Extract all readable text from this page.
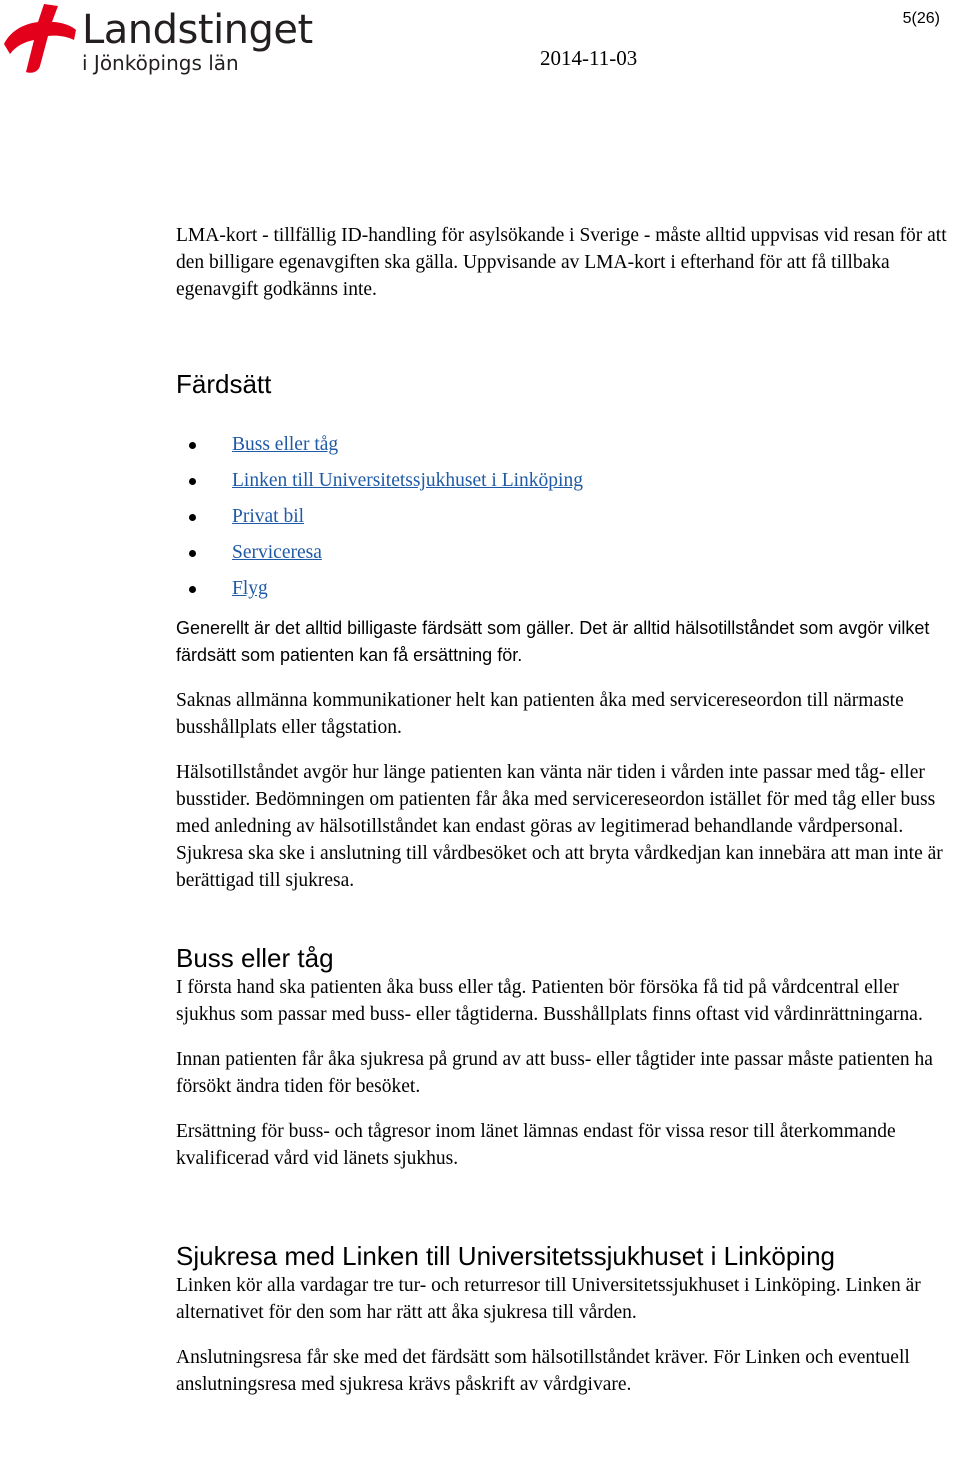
Landstinget
i Jönköpings län
5(26)
2014-11-03

LMA-kort - tillfällig ID-handling för asylsökande i Sverige - måste alltid uppvisas vid resan för att den billigare egenavgiften ska gälla. Uppvisande av LMA-kort i efterhand för att få tillbaka egenavgift godkänns inte.

Färdsätt
Buss eller tåg
Linken till Universitetssjukhuset i Linköping
Privat bil
Serviceresa
Flyg

Generellt är det alltid billigaste färdsätt som gäller. Det är alltid hälsotillståndet som avgör vilket färdsätt som patienten kan få ersättning för.

Saknas allmänna kommunikationer helt kan patienten åka med servicereseordon till närmaste busshållplats eller tågstation.

Hälsotillståndet avgör hur länge patienten kan vänta när tiden i vården inte passar med tåg- eller busstider. Bedömningen om patienten får åka med servicereseordon istället för med tåg eller buss med anledning av hälsotillståndet kan endast göras av legitimerad behandlande vårdpersonal. Sjukresa ska ske i anslutning till vårdbesöket och att bryta vårdkedjan kan innebära att man inte är berättigad till sjukresa.

Buss eller tåg

I första hand ska patienten åka buss eller tåg. Patienten bör försöka få tid på vårdcentral eller sjukhus som passar med buss- eller tågtiderna. Busshållplats finns oftast vid vårdinrättningarna.

Innan patienten får åka sjukresa på grund av att buss- eller tågtider inte passar måste patienten ha försökt ändra tiden för besöket.

Ersättning för buss- och tågresor inom länet lämnas endast för vissa resor till återkommande kvalificerad vård vid länets sjukhus.

Sjukresa med Linken till Universitetssjukhuset i Linköping

Linken kör alla vardagar tre tur- och returresor till Universitetssjukhuset i Linköping. Linken är alternativet för den som har rätt att åka sjukresa till vården.

Anslutningsresa får ske med det färdsätt som hälsotillståndet kräver. För Linken och eventuell anslutningsresa med sjukresa krävs påskrift av vårdgivare.
